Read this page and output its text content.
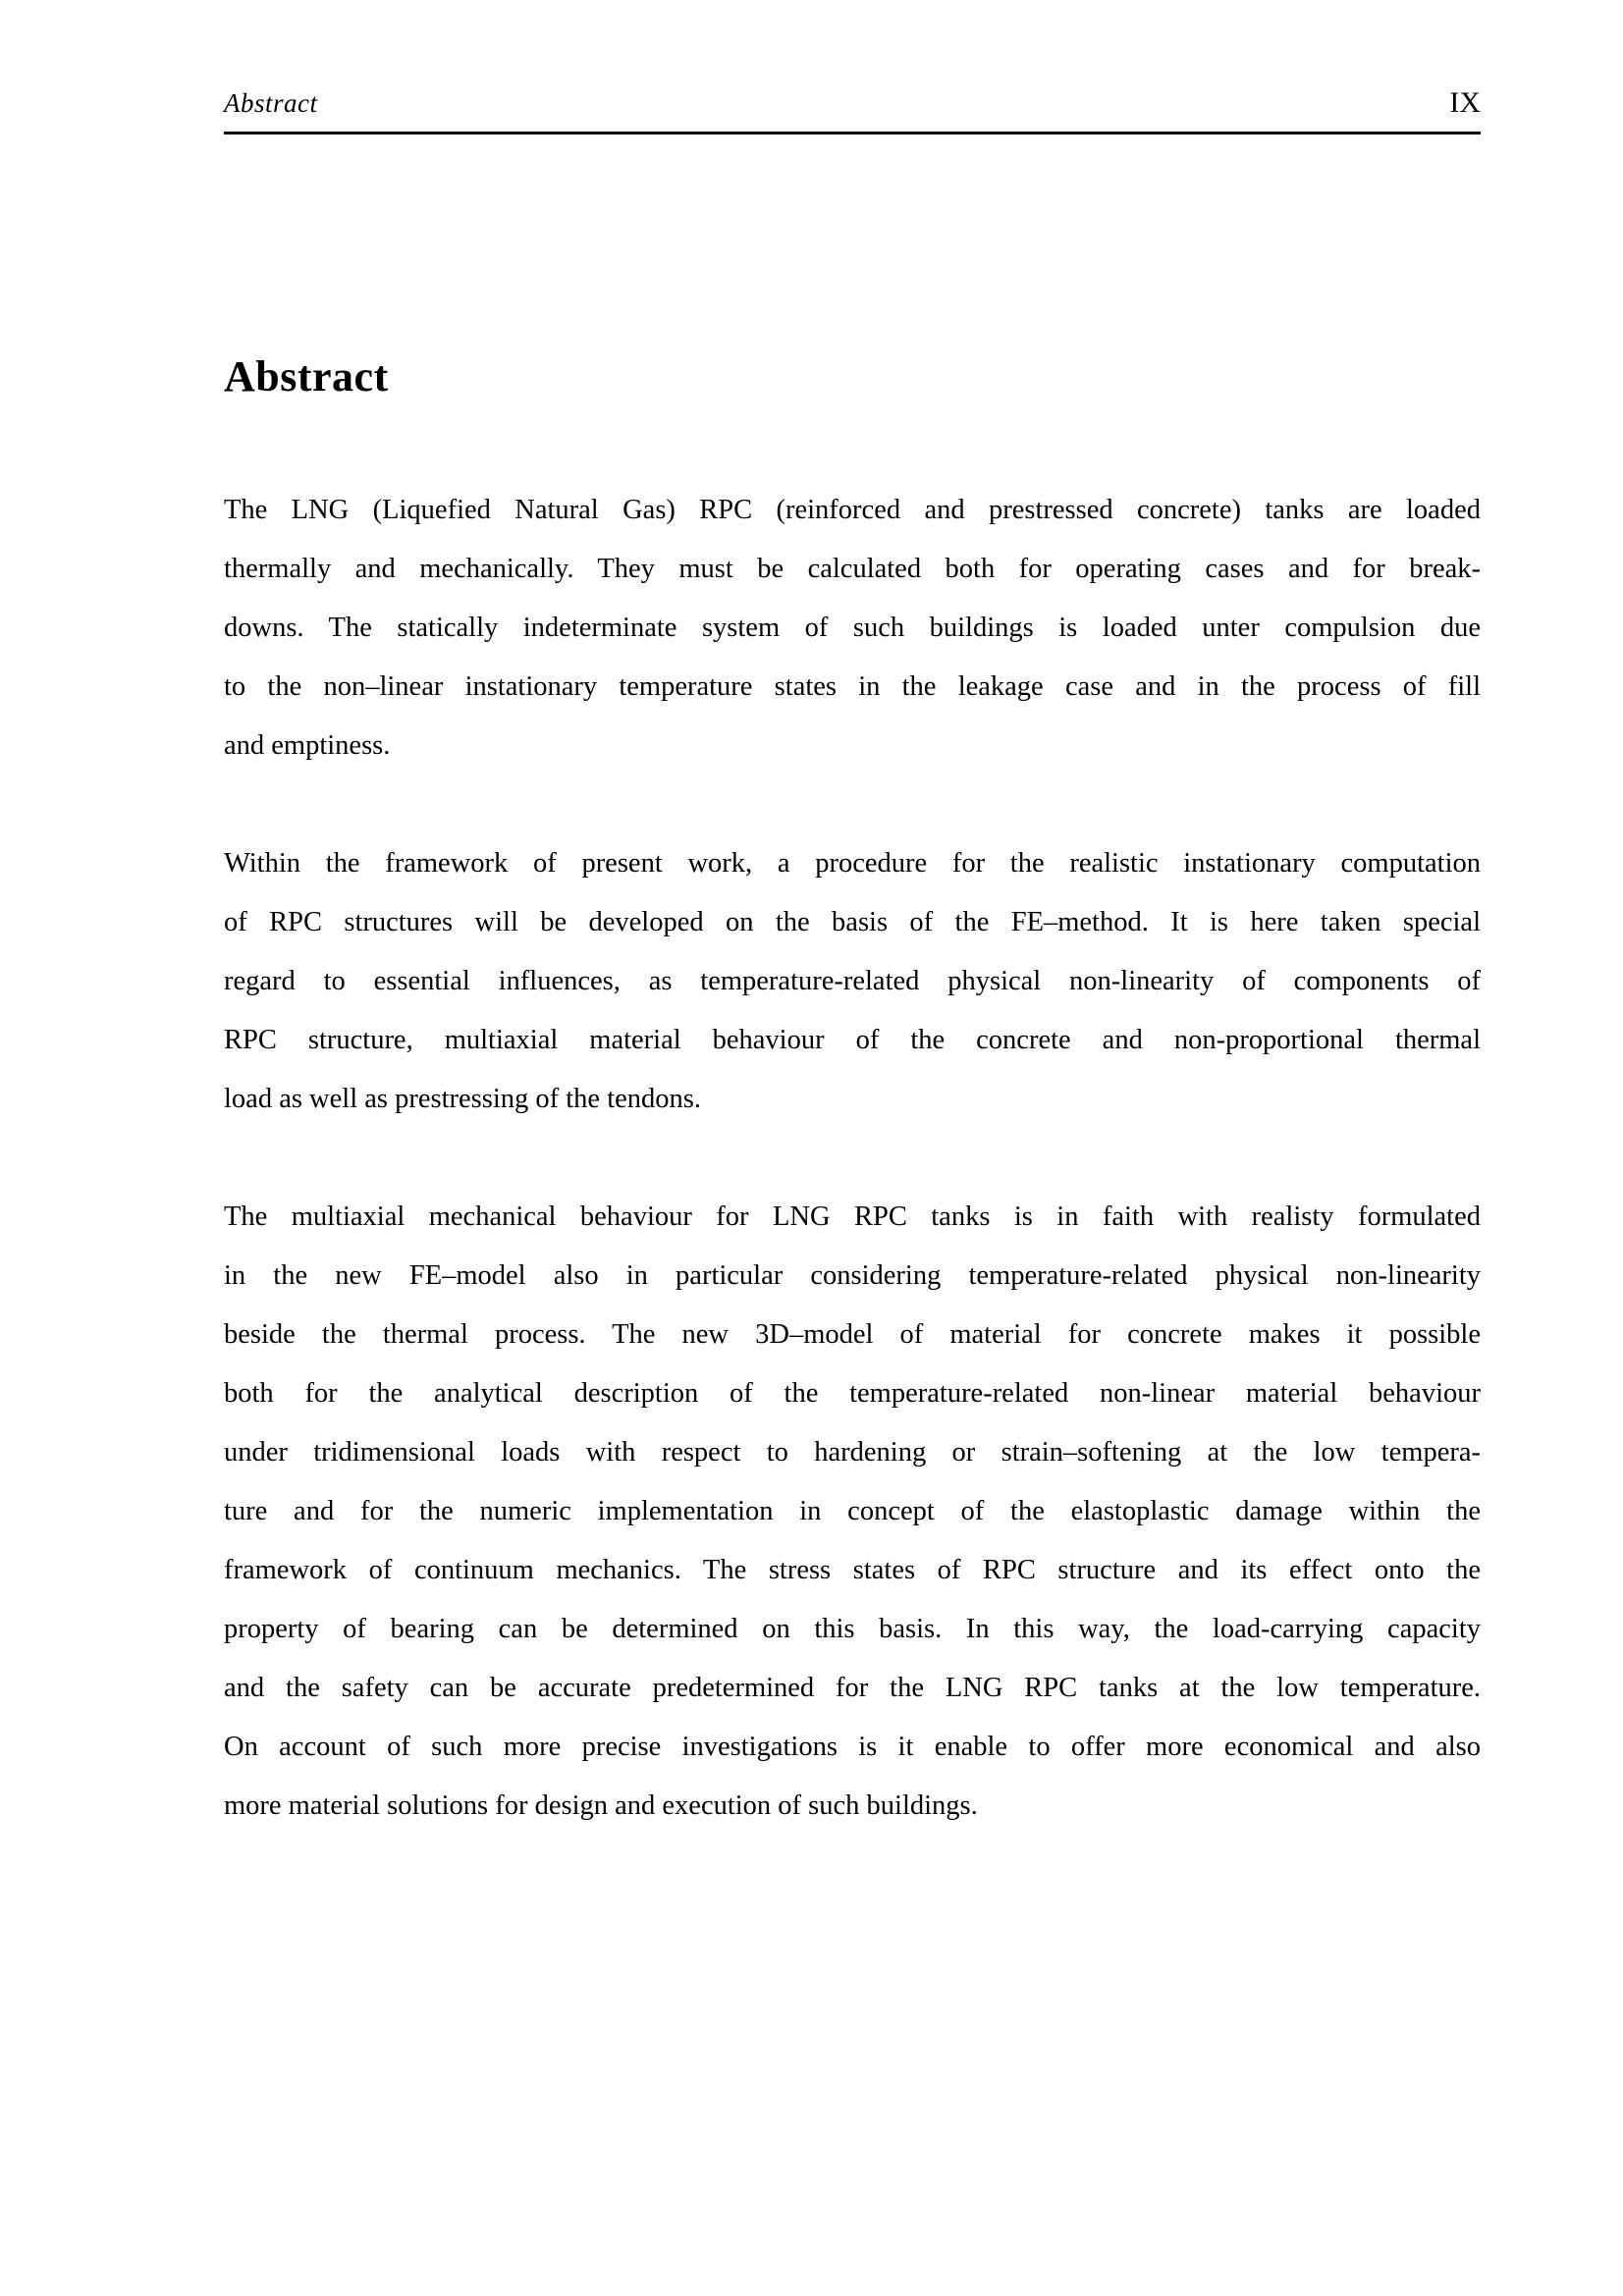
Abstract	IX
Abstract
The LNG (Liquefied Natural Gas) RPC (reinforced and prestressed concrete) tanks are loaded
thermally and mechanically. They must be calculated both for operating cases and for break-
downs. The statically indeterminate system of such buildings is loaded unter compulsion due
to the non–linear instationary temperature states in the leakage case and in the process of fill
and emptiness.
Within the framework of present work, a procedure for the realistic instationary computation
of RPC structures will be developed on the basis of the FE–method. It is here taken special
regard to essential influences, as temperature-related physical non-linearity of components of
RPC structure, multiaxial material behaviour of the concrete and non-proportional thermal
load as well as prestressing of the tendons.
The multiaxial mechanical behaviour for LNG RPC tanks is in faith with realisty formulated
in the new FE–model also in particular considering temperature-related physical non-linearity
beside the thermal process. The new 3D–model of material for concrete makes it possible
both for the analytical description of the temperature-related non-linear material behaviour
under tridimensional loads with respect to hardening or strain–softening at the low tempera-
ture and for the numeric implementation in concept of the elastoplastic damage within the
framework of continuum mechanics. The stress states of RPC structure and its effect onto the
property of bearing can be determined on this basis. In this way, the load-carrying capacity
and the safety can be accurate predetermined for the LNG RPC tanks at the low temperature.
On account of such more precise investigations is it enable to offer more economical and also
more material solutions for design and execution of such buildings.
